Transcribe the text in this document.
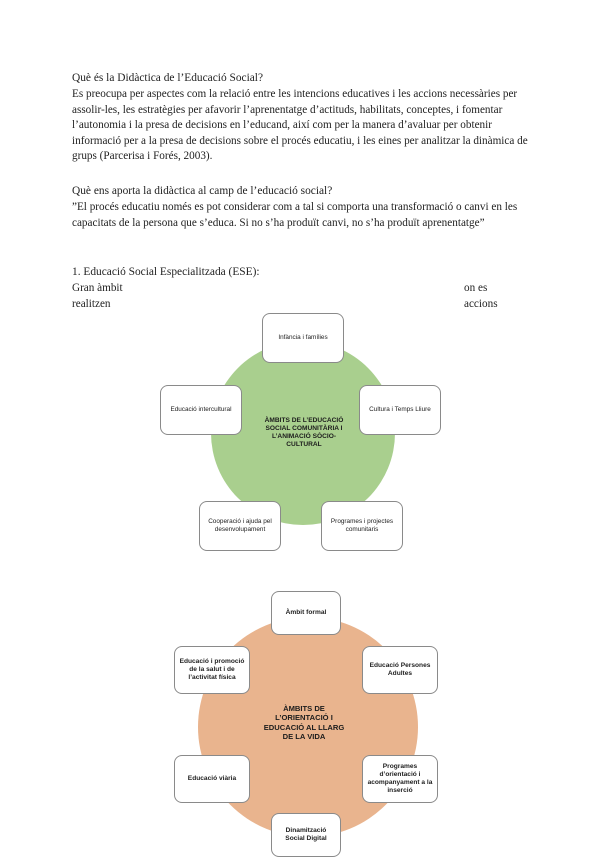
Què és la Didàctica de l’Educació Social?

Es preocupa per aspectes com la relació entre les intencions educatives i les accions necessàries per assolir-les, les estratègies per afavorir l’aprenentatge d’actituds, habilitats, conceptes, i fomentar l’autonomia i la presa de decisions en l’educand, així com per la manera d’avaluar per obtenir informació per a la presa de decisions sobre el procés educatiu, i les eines per analitzar la dinàmica de grups (Parcerisa i Forés, 2003).

Què ens aporta la didàctica al camp de l’educació social?

”El procés educatiu només es pot considerar com a tal si comporta una transformació o canvi en les capacitats de la persona que s’educa. Si no s’ha produït canvi, no s’ha produït aprenentatge”

1. Educació Social Especialitzada (ESE):

Gran àmbit	on es

realitzen	accions

ÀMBITS DE L’EDUCACIÓ SOCIAL COMUNITÀRIA I L’ANIMACIÓ SÒCIO-CULTURAL
Infància i famílies
Cultura i Temps Lliure
Programes i projectes comunitaris
Cooperació i ajuda pel desenvolupament
Educació intercultural
ÀMBITS DE L’ORIENTACIÓ I EDUCACIÓ AL LLARG DE LA VIDA
Àmbit formal
Educació Persones Adultes
Programes d’orientació i acompanyament a la inserció
Dinamització Social Digital
Educació viària
Educació i promoció de la salut i de l’activitat física
